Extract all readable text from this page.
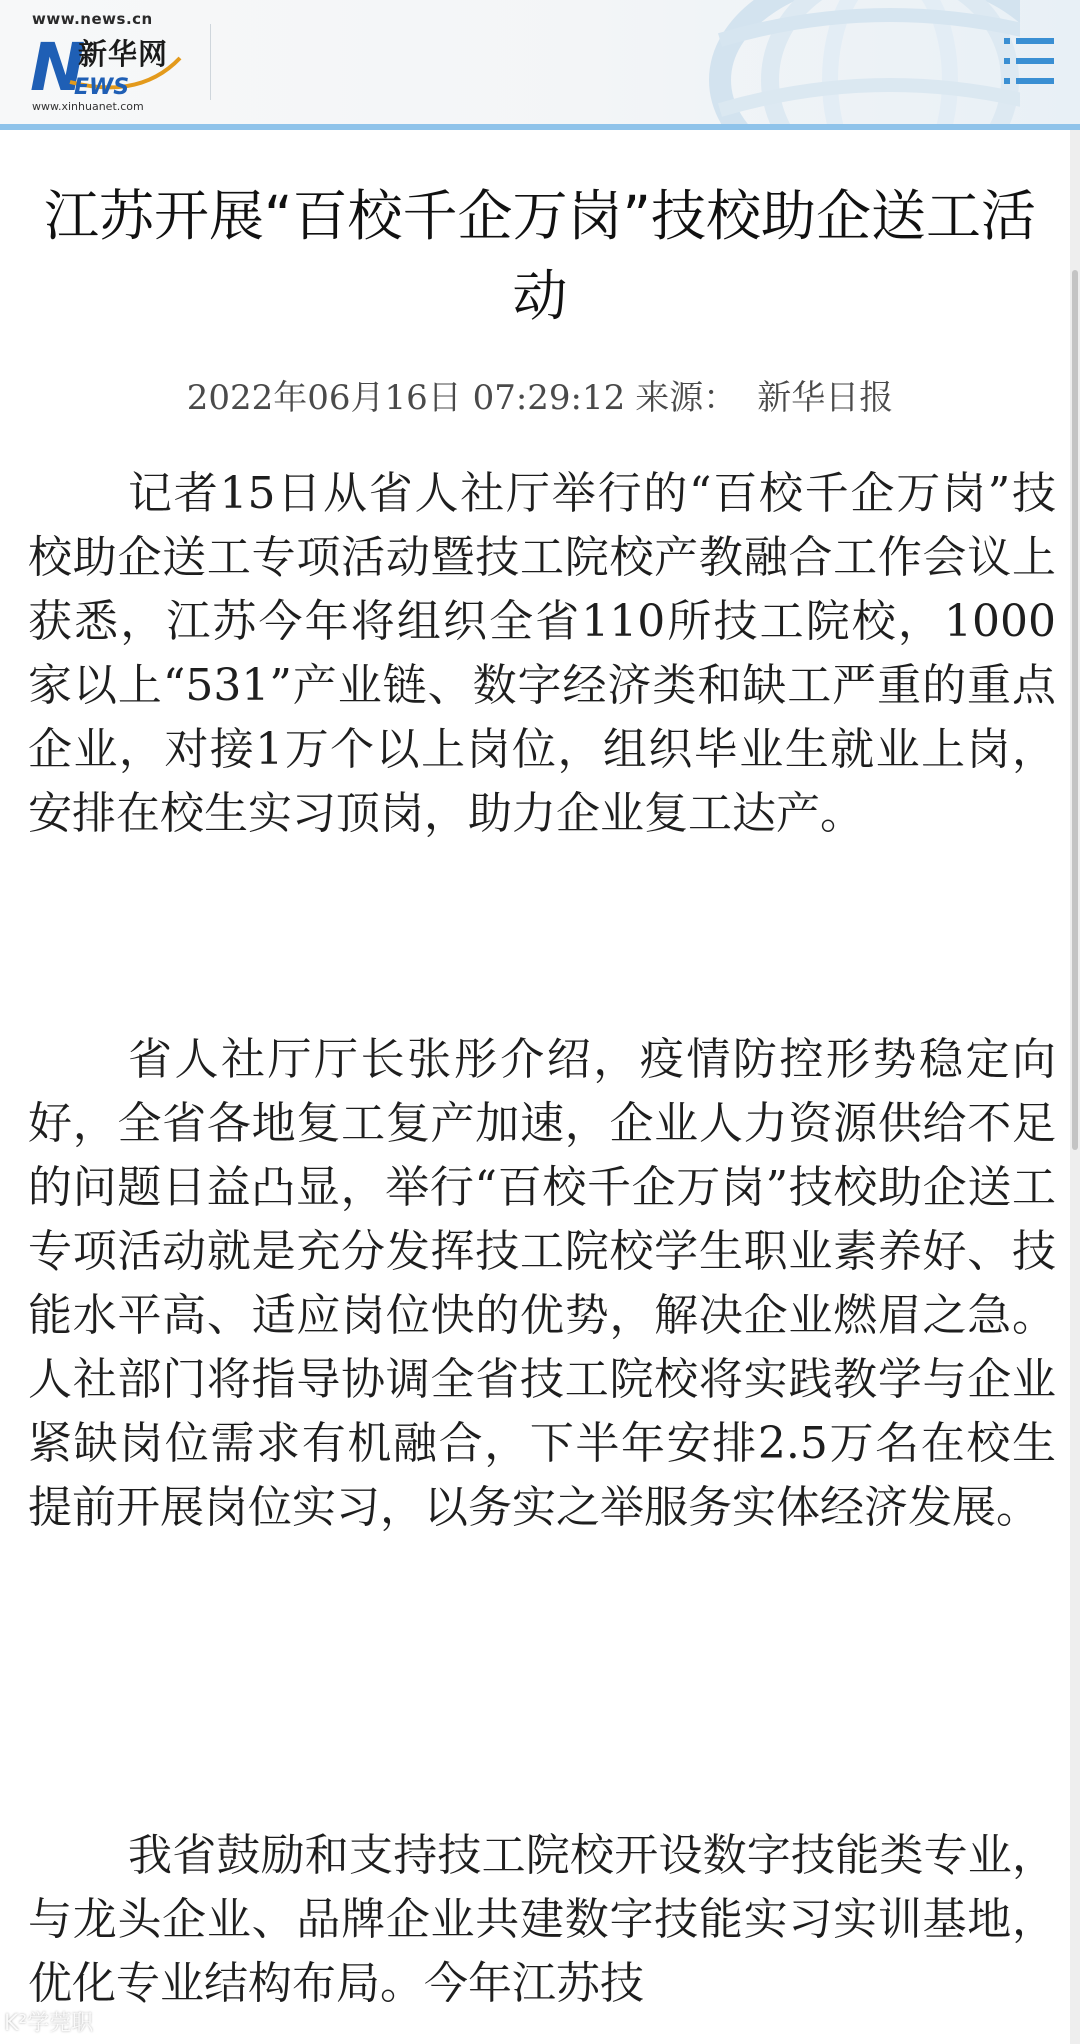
www.news.cn
N
EWS
新华网
www.xinhuanet.com
江苏开展“百校千企万岗”技校助企送工活动
2022年06月16日 07:29:12 来源： 新华日报

记者15日从省人社厅举行的“百校千企万岗”技校助企送工专项活动暨技工院校产教融合工作会议上获悉，江苏今年将组织全省110所技工院校，1000家以上“531”产业链、数字经济类和缺工严重的重点企业，对接1万个以上岗位，组织毕业生就业上岗，安排在校生实习顶岗，助力企业复工达产。

省人社厅厅长张彤介绍，疫情防控形势稳定向好，全省各地复工复产加速，企业人力资源供给不足的问题日益凸显，举行“百校千企万岗”技校助企送工专项活动就是充分发挥技工院校学生职业素养好、技能水平高、适应岗位快的优势，解决企业燃眉之急。人社部门将指导协调全省技工院校将实践教学与企业紧缺岗位需求有机融合，下半年安排2.5万名在校生提前开展岗位实习，以务实之举服务实体经济发展。

我省鼓励和支持技工院校开设数字技能类专业，与龙头企业、品牌企业共建数字技能实习实训基地，优化专业结构布局。今年江苏技

K²学莞职
